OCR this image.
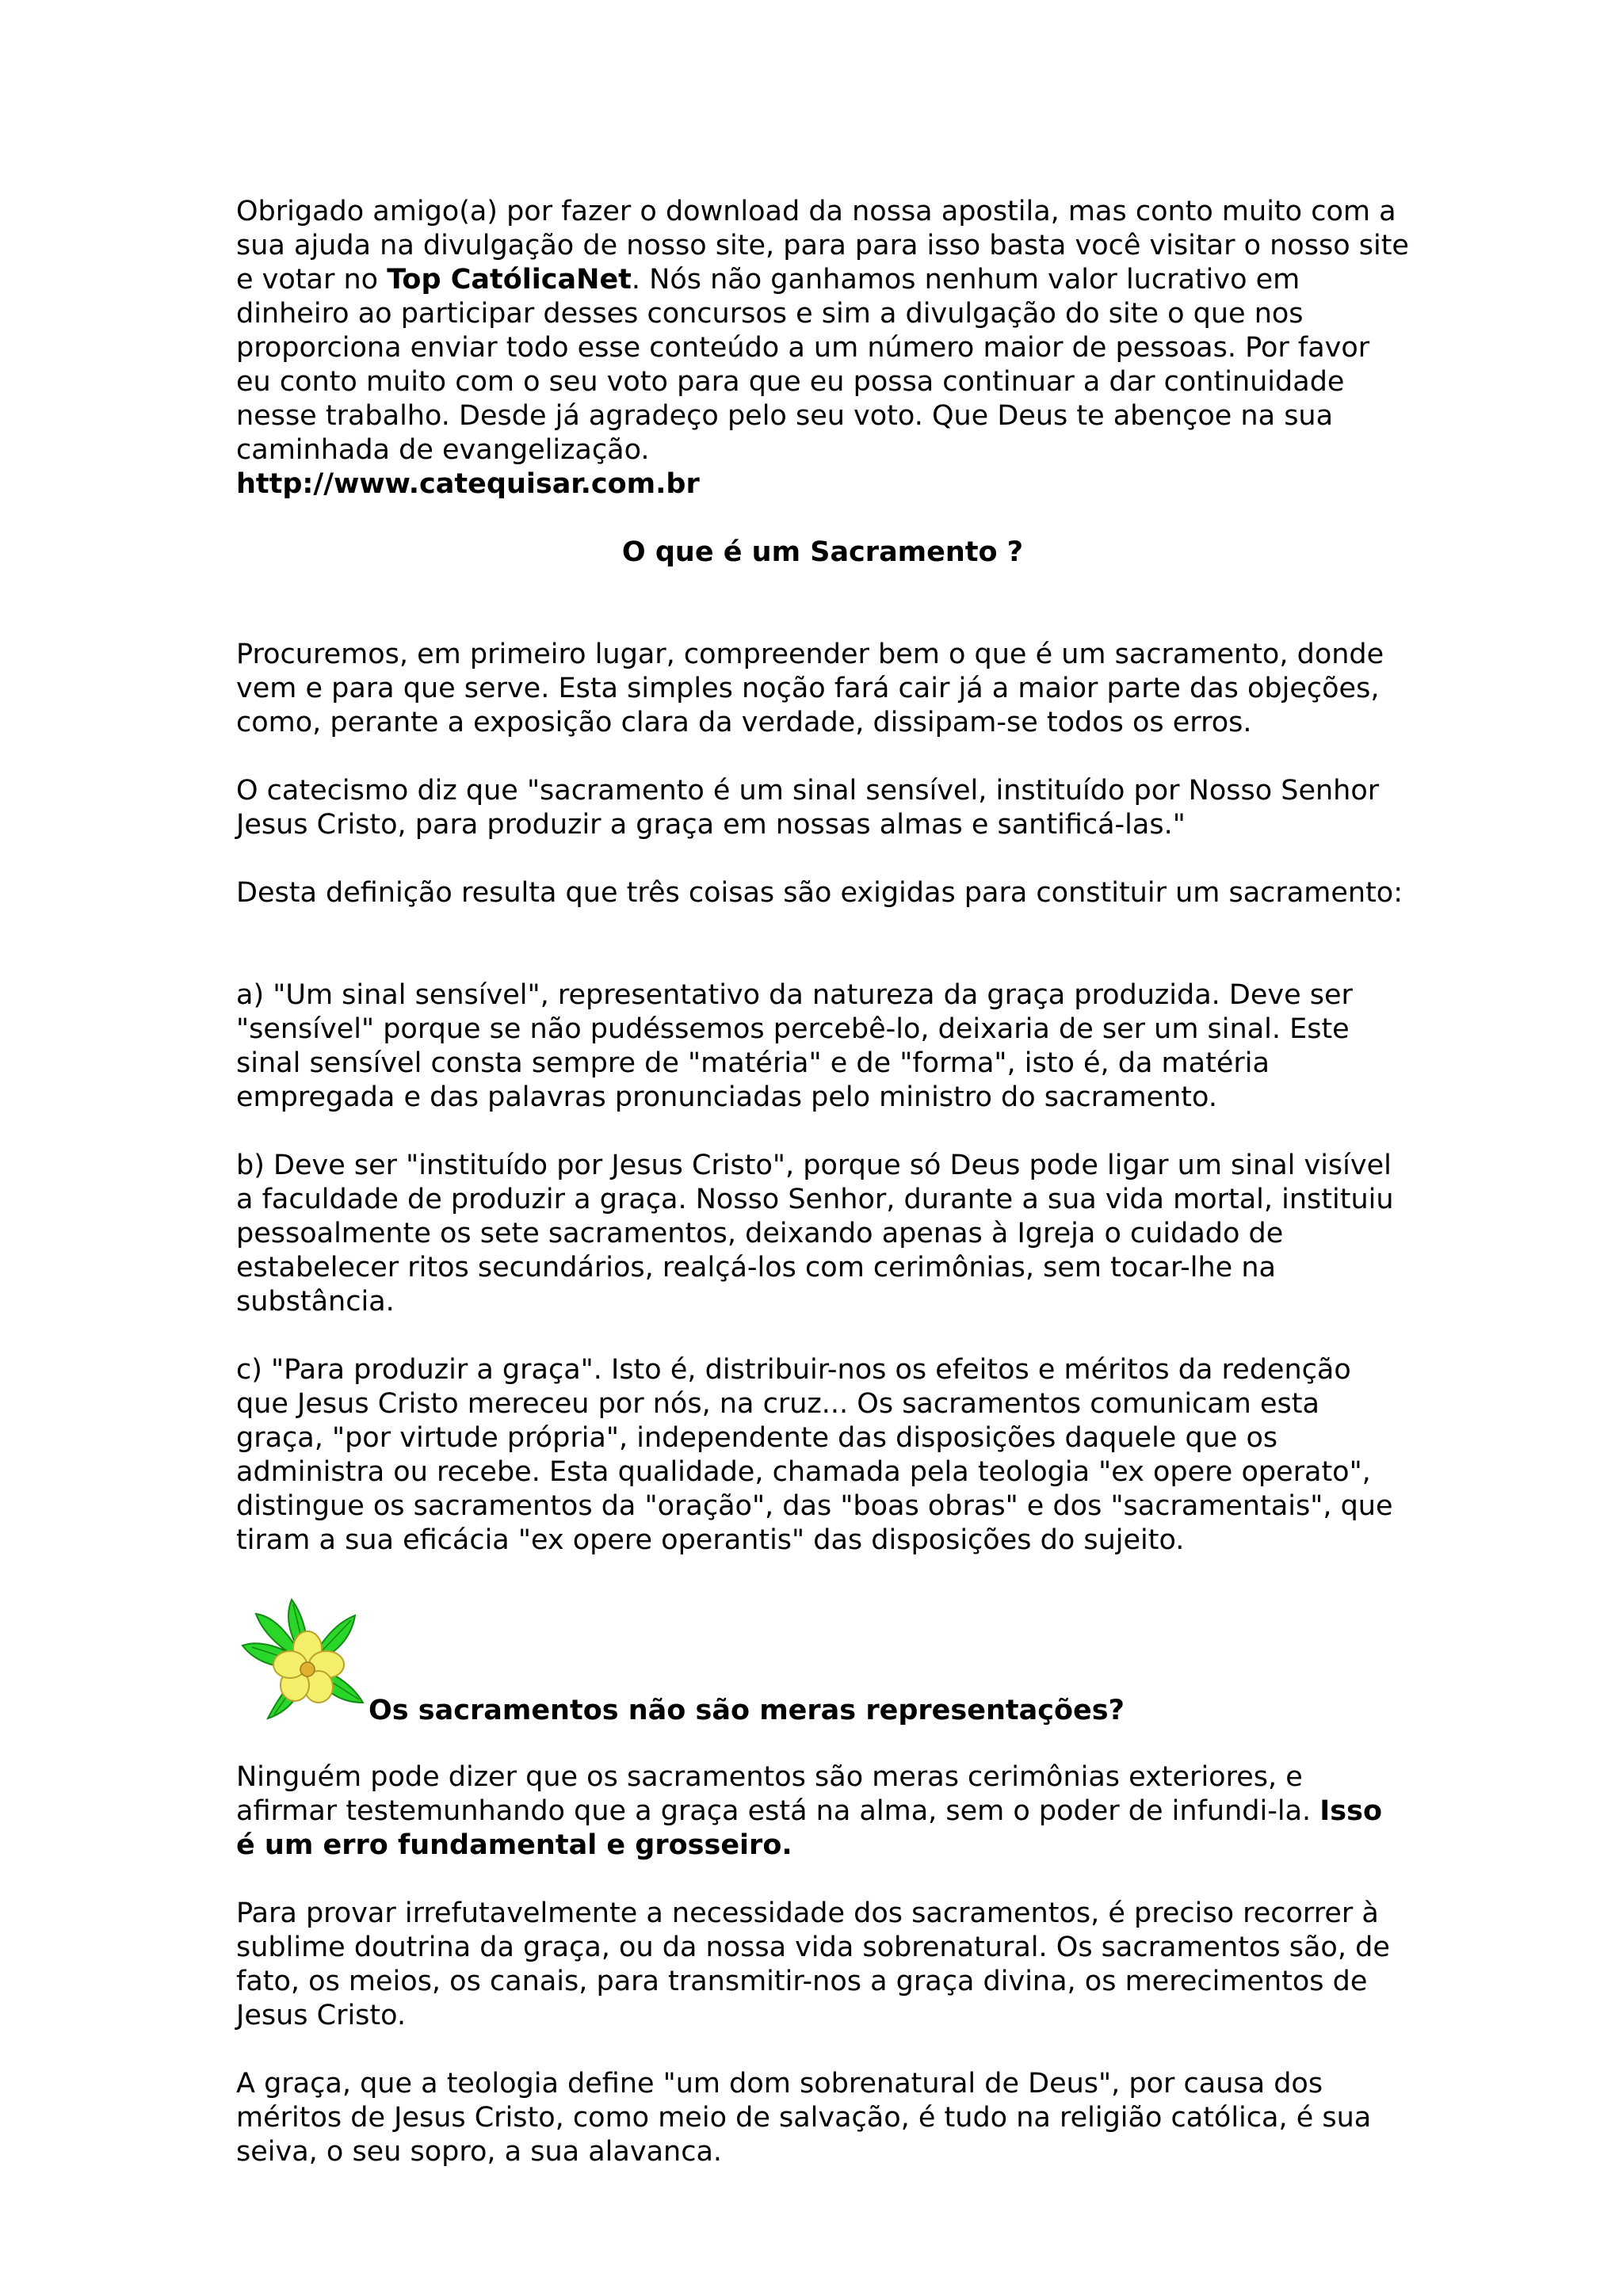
Obrigado amigo(a) por fazer o download da nossa apostila, mas conto muito com a sua ajuda na divulgação de nosso site, para para isso basta você visitar o nosso site e votar no Top CatólicaNet. Nós não ganhamos nenhum valor lucrativo em dinheiro ao participar desses concursos e sim a divulgação do site o que nos proporciona enviar todo esse conteúdo a um número maior de pessoas. Por favor eu conto muito com o seu voto para que eu possa continuar a dar continuidade nesse trabalho. Desde já agradeço pelo seu voto. Que Deus te abençoe na sua caminhada de evangelização.

http://www.catequisar.com.br

O que é um Sacramento ?

Procuremos, em primeiro lugar, compreender bem o que é um sacramento, donde vem e para que serve. Esta simples noção fará cair já a maior parte das objeções, como, perante a exposição clara da verdade, dissipam-se todos os erros.

O catecismo diz que "sacramento é um sinal sensível, instituído por Nosso Senhor Jesus Cristo, para produzir a graça em nossas almas e santificá-las."

Desta definição resulta que três coisas são exigidas para constituir um sacramento:

a) "Um sinal sensível", representativo da natureza da graça produzida. Deve ser "sensível" porque se não pudéssemos percebê-lo, deixaria de ser um sinal. Este sinal sensível consta sempre de "matéria" e de "forma", isto é, da matéria empregada e das palavras pronunciadas pelo ministro do sacramento.

b) Deve ser "instituído por Jesus Cristo", porque só Deus pode ligar um sinal visível a faculdade de produzir a graça. Nosso Senhor, durante a sua vida mortal, instituiu pessoalmente os sete sacramentos, deixando apenas à Igreja o cuidado de estabelecer ritos secundários, realçá-los com cerimônias, sem tocar-lhe na substância.

c) "Para produzir a graça". Isto é, distribuir-nos os efeitos e méritos da redenção que Jesus Cristo mereceu por nós, na cruz... Os sacramentos comunicam esta graça, "por virtude própria", independente das disposições daquele que os administra ou recebe. Esta qualidade, chamada pela teologia "ex opere operato", distingue os sacramentos da "oração", das "boas obras" e dos "sacramentais", que tiram a sua eficácia "ex opere operantis" das disposições do sujeito.

Os sacramentos não são meras representações?

Ninguém pode dizer que os sacramentos são meras cerimônias exteriores, e afirmar testemunhando que a graça está na alma, sem o poder de infundi-la. Isso é um erro fundamental e grosseiro.

Para provar irrefutavelmente a necessidade dos sacramentos, é preciso recorrer à sublime doutrina da graça, ou da nossa vida sobrenatural. Os sacramentos são, de fato, os meios, os canais, para transmitir-nos a graça divina, os merecimentos de Jesus Cristo.

A graça, que a teologia define "um dom sobrenatural de Deus", por causa dos méritos de Jesus Cristo, como meio de salvação, é tudo na religião católica, é sua seiva, o seu sopro, a sua alavanca.
